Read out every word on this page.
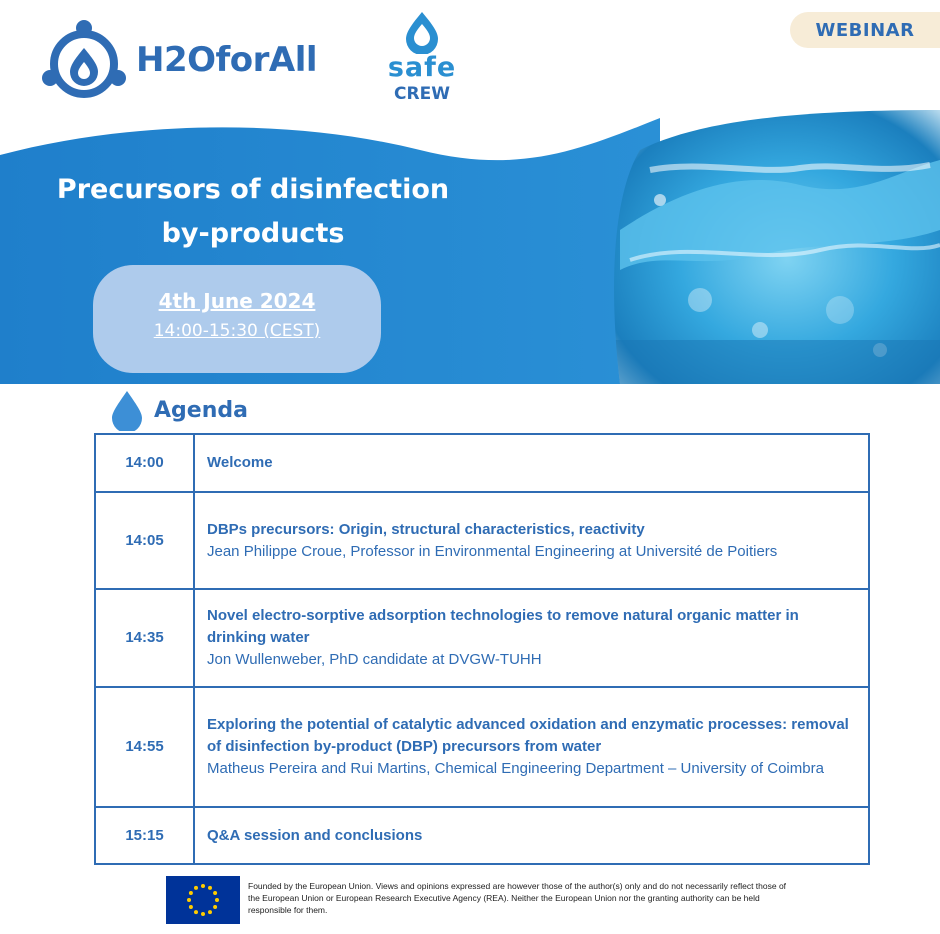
H2OforAll	safe
CREW
WEBINAR
Precursors of disinfection
by-products
4th June 2024
14:00-15:30 (CEST)
Agenda
14:00	Welcome

14:05	DBPs precursors: Origin, structural characteristics, reactivity
Jean Philippe Croue, Professor in Environmental Engineering at Université de Poitiers

14:35	Novel electro-sorptive adsorption technologies to remove natural organic matter in drinking water
Jon Wullenweber, PhD candidate at DVGW-TUHH

14:55	Exploring the potential of catalytic advanced oxidation and enzymatic processes: removal of disinfection by-product (DBP) precursors from water
Matheus Pereira and Rui Martins, Chemical Engineering Department – University of Coimbra

15:15	Q&A session and conclusions
Founded by the European Union. Views and opinions expressed are however those of the author(s) only and do not necessarily reflect those of the European Union or European Research Executive Agency (REA). Neither the European Union nor the granting authority can be held responsible for them.
